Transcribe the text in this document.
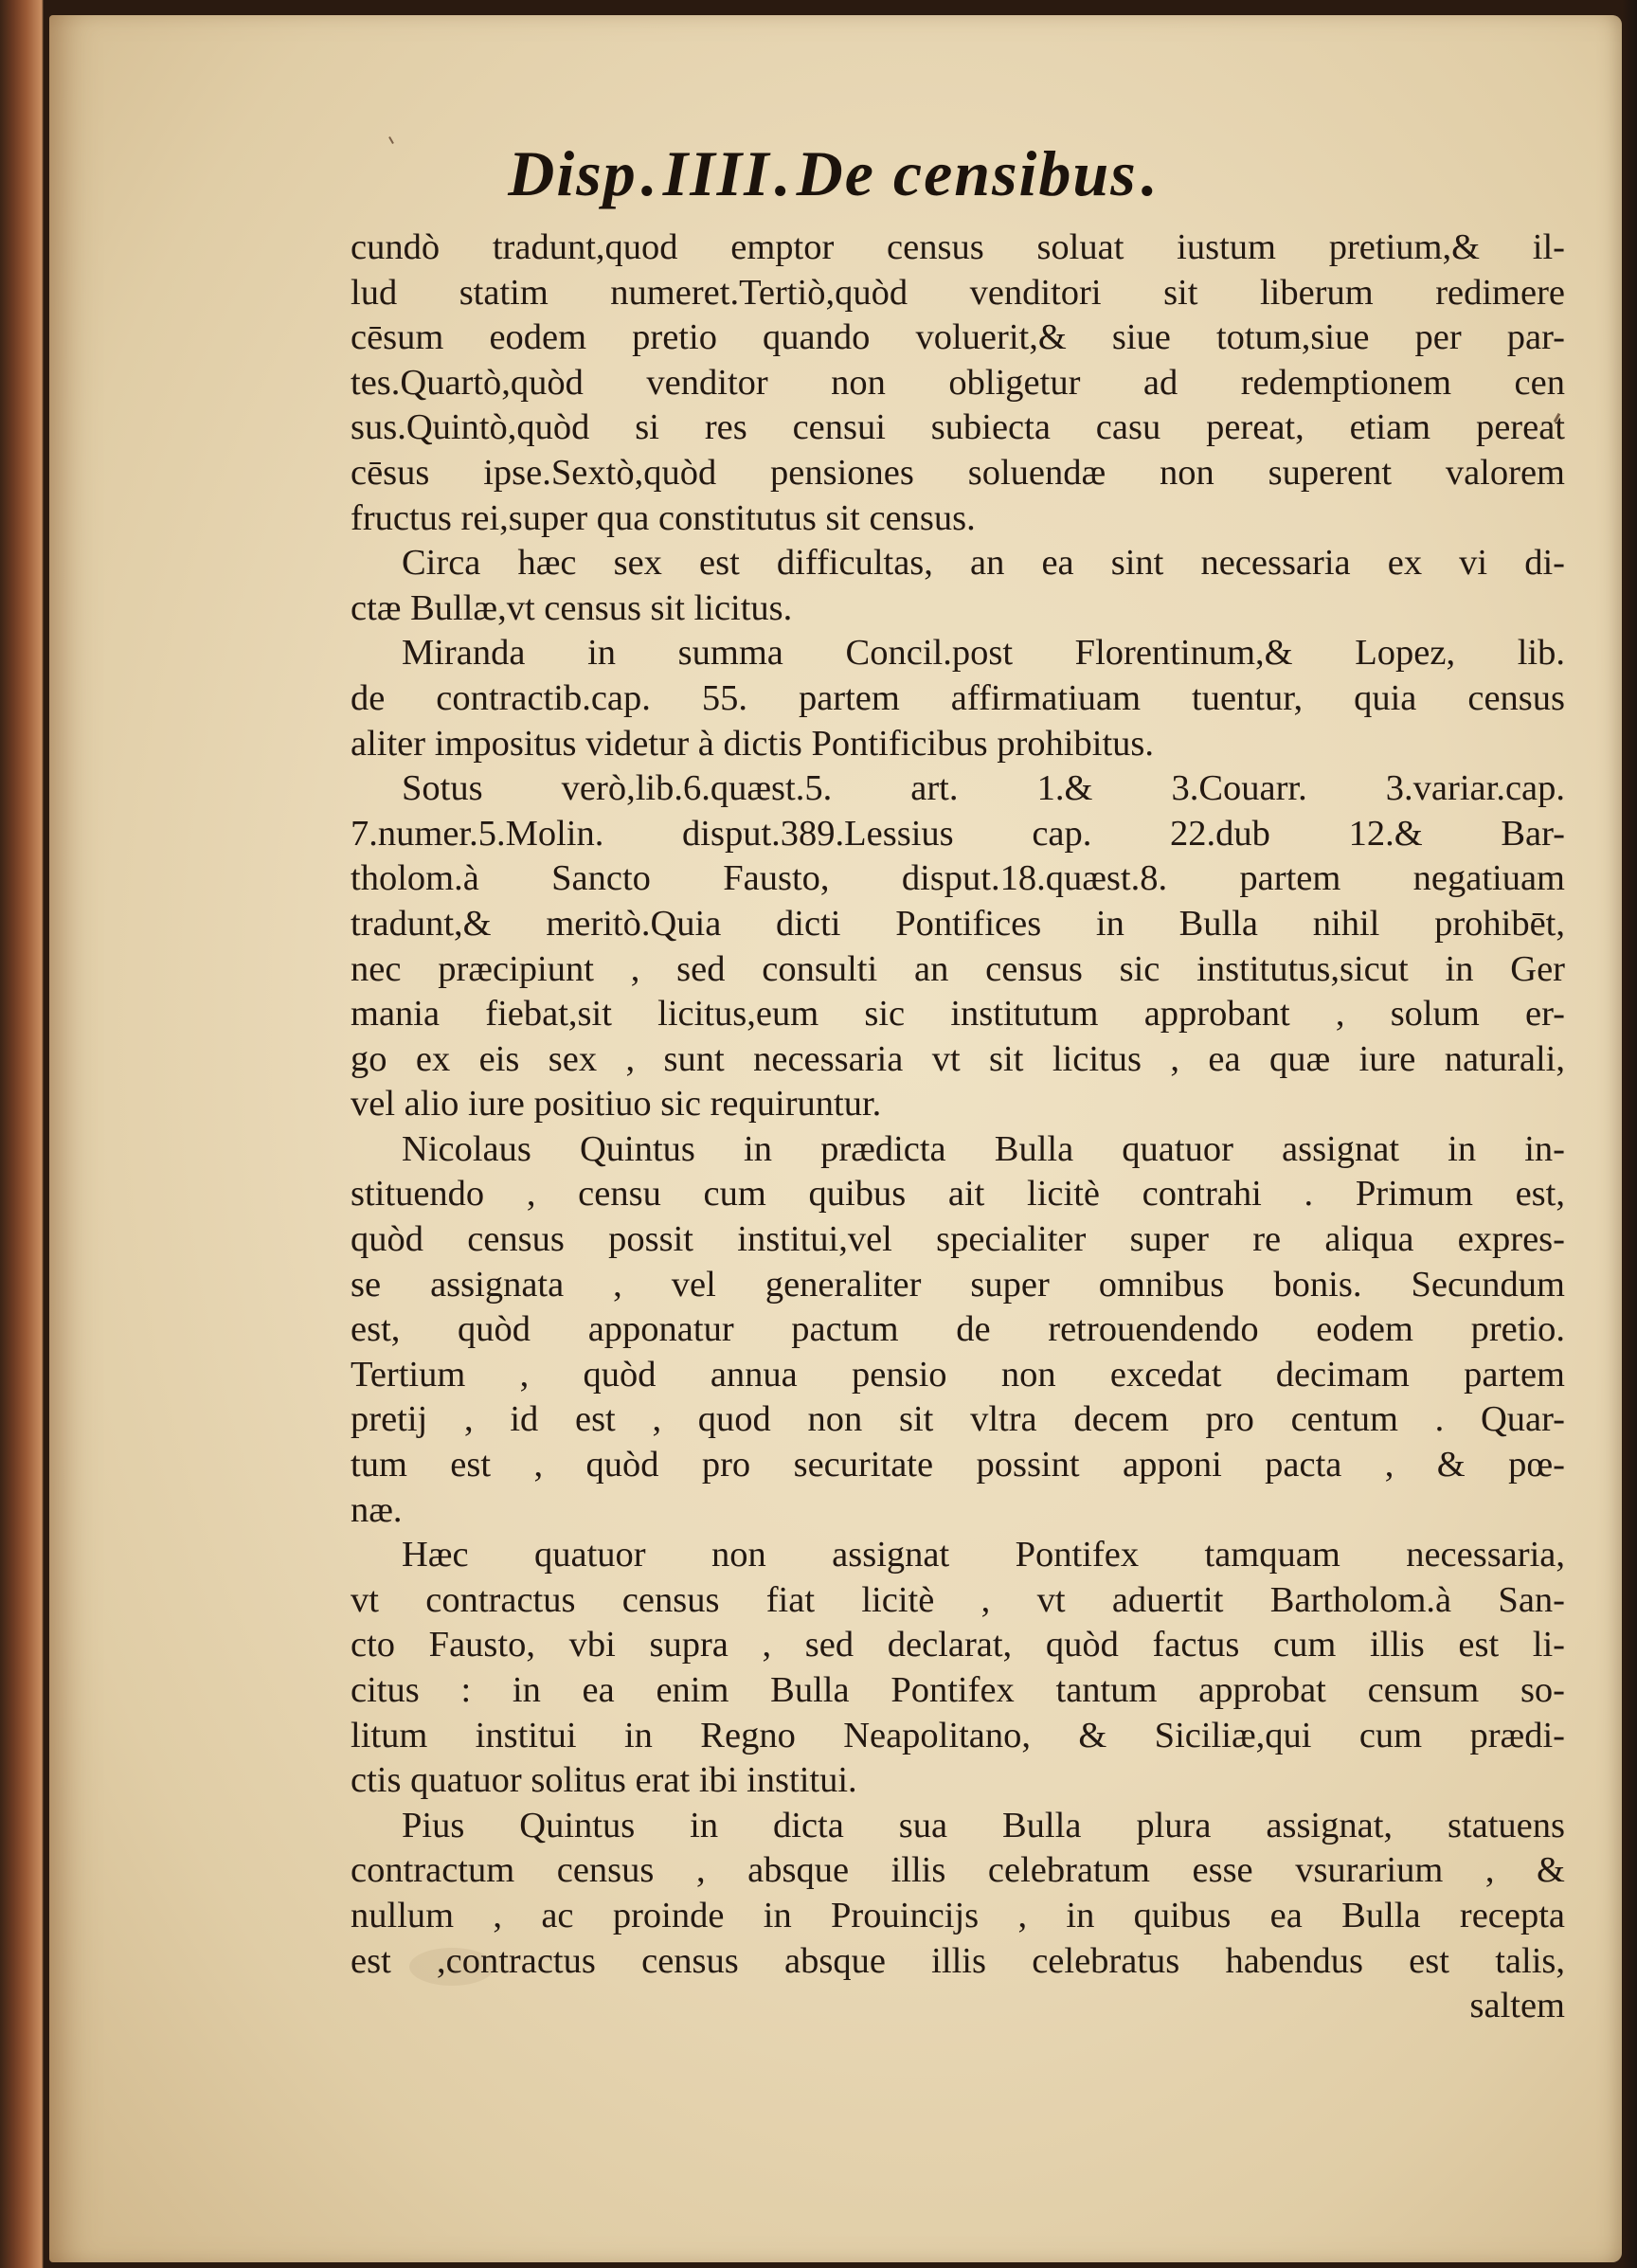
Disp.IIII.De censibus.
cundò tradunt,quod emptor census soluat iustum pretium,& il-
lud statim numeret.Tertiò,quòd venditori sit liberum redimere
cēsum eodem pretio quando voluerit,& siue totum,siue per par-
tes.Quartò,quòd venditor non obligetur ad redemptionem cen
sus.Quintò,quòd si res censui subiecta casu pereat, etiam pereat
cēsus ipse.Sextò,quòd pensiones soluendæ non superent valorem
fructus rei,super qua constitutus sit census.
Circa hæc sex est difficultas, an ea sint necessaria ex vi di-
ctæ Bullæ,vt census sit licitus.
Miranda in summa Concil.post Florentinum,& Lopez, lib.
de contractib.cap. 55. partem affirmatiuam tuentur, quia census
aliter impositus videtur à dictis Pontificibus prohibitus.
Sotus verò,lib.6.quæst.5. art. 1.& 3.Couarr. 3.variar.cap.
7.numer.5.Molin. disput.389.Lessius cap. 22.dub 12.& Bar-
tholom.à Sancto Fausto, disput.18.quæst.8. partem negatiuam
tradunt,& meritò.Quia dicti Pontifices in Bulla nihil prohibēt,
nec præcipiunt , sed consulti an census sic institutus,sicut in Ger
mania fiebat,sit licitus,eum sic institutum approbant , solum er-
go ex eis sex , sunt necessaria vt sit licitus , ea quæ iure naturali,
vel alio iure positiuo sic requiruntur.
Nicolaus Quintus in prædicta Bulla quatuor assignat in in-
stituendo , censu cum quibus ait licitè contrahi . Primum est,
quòd census possit institui,vel specialiter super re aliqua expres-
se assignata , vel generaliter super omnibus bonis. Secundum
est, quòd apponatur pactum de retrouendendo eodem pretio.
Tertium , quòd annua pensio non excedat decimam partem
pretij , id est , quod non sit vltra decem pro centum . Quar-
tum est , quòd pro securitate possint apponi pacta , & pœ-
næ.
Hæc quatuor non assignat Pontifex tamquam necessaria,
vt contractus census fiat licitè , vt aduertit Bartholom.à San-
cto Fausto, vbi supra , sed declarat, quòd factus cum illis est li-
citus : in ea enim Bulla Pontifex tantum approbat censum so-
litum institui in Regno Neapolitano, & Siciliæ,qui cum prædi-
ctis quatuor solitus erat ibi institui.
Pius Quintus in dicta sua Bulla plura assignat, statuens
contractum census , absque illis celebratum esse vsurarium , &
nullum , ac proinde in Prouincijs , in quibus ea Bulla recepta
est ,contractus census absque illis celebratus habendus est talis,
saltem
